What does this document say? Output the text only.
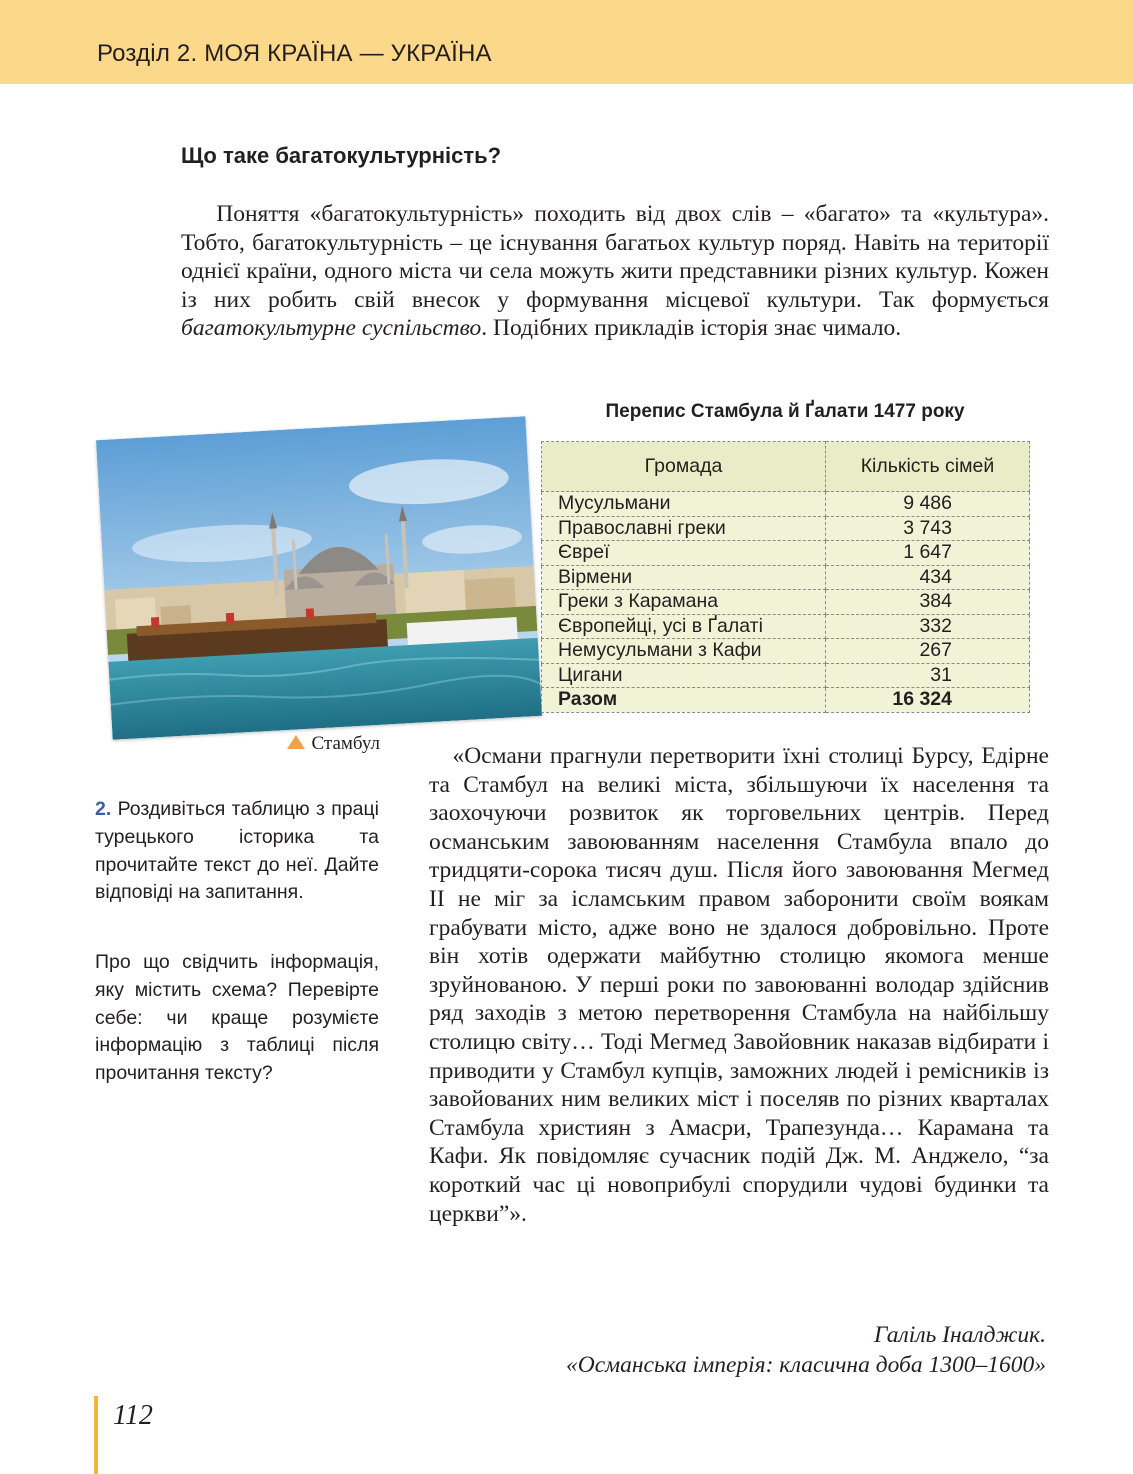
Розділ 2. МОЯ КРАЇНА — УКРАЇНА
Що таке багатокультурність?

  Поняття «багатокультурність» походить від двох слів – «багато» та «культура». Тобто, багатокультурність – це існування багатьох культур поряд. Навіть на території однієї країни, одного міста чи села можуть жити представники різних культур. Кожен із них робить свій внесок у формування місцевої культури. Так формується багатокультурне суспільство. Подібних прикладів історія знає чимало.

Стамбул
Перепис Стамбула й Ґалати 1477 року
Громада	Кількість сімей
Мусульмани	9 486
Православні греки	3 743
Євреї	1 647
Вірмени	434
Греки з Карамана	384
Європейці, усі в Ґалаті	332
Немусульмани з Кафи	267
Цигани	31
Разом	16 324

2. Роздивіться таблицю з праці турецького історика та прочитайте текст до неї. Дайте відповіді на запитання.

Про що свідчить інформація, яку містить схема? Перевірте себе: чи краще розумієте інформацію з таблиці після прочитання тексту?

 «Османи прагнули перетворити їхні столиці Бурсу, Едірне та Стамбул на великі міста, збільшуючи їх населення та заохочуючи розвиток як торговельних центрів. Перед османським завоюванням населення Стамбула впало до тридцяти-сорока тисяч душ. Після його завоювання Мегмед ІІ не міг за ісламським правом заборонити своїм воякам грабувати місто, адже воно не здалося добровільно. Проте він хотів одержати майбутню столицю якомога менше зруйнованою. У перші роки по завоюванні володар здійснив ряд заходів з метою перетворення Стамбула на найбільшу столицю світу… Тоді Мегмед Завойовник наказав відбирати і приводити у Стамбул купців, заможних людей і ремісників із завойованих ним великих міст і поселяв по різних кварталах Стамбула християн з Амасри, Трапезунда… Карамана та Кафи. Як повідомляє сучасник подій Дж. М. Анджело, “за короткий час ці новоприбулі спорудили чудові будинки та церкви”».

Галіль Іналджик.
«Османська імперія: класична доба 1300–1600»
112
